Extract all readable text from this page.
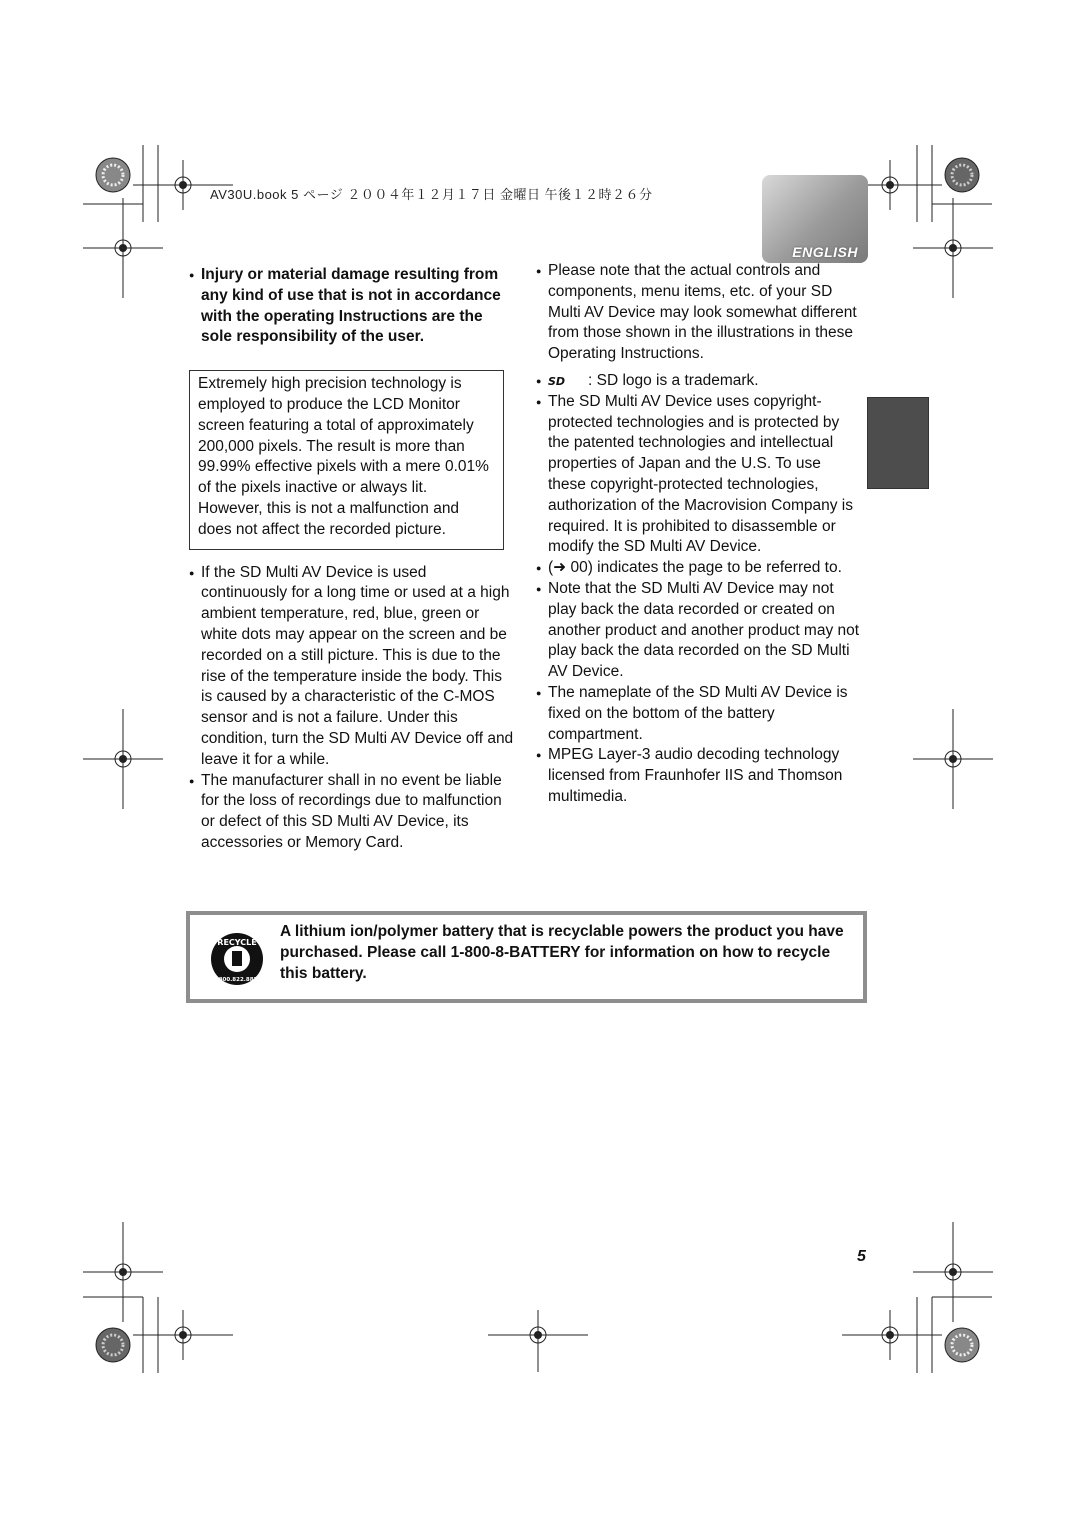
AV30U.book 5 ページ ２００４年１２月１７日 金曜日 午後１２時２６分
ENGLISH
● Injury or material damage resulting from any kind of use that is not in accordance with the operating Instructions are the sole responsibility of the user.
Extremely high precision technology is employed to produce the LCD Monitor screen featuring a total of approximately 200,000 pixels. The result is more than 99.99% effective pixels with a mere 0.01% of the pixels inactive or always lit. However, this is not a malfunction and does not affect the recorded picture.
● If the SD Multi AV Device is used continuously for a long time or used at a high ambient temperature, red, blue, green or white dots may appear on the screen and be recorded on a still picture. This is due to the rise of the temperature inside the body. This is caused by a characteristic of the C-MOS sensor and is not a failure. Under this condition, turn the SD Multi AV Device off and leave it for a while.
● The manufacturer shall in no event be liable for the loss of recordings due to malfunction or defect of this SD Multi AV Device, its accessories or Memory Card.
● Please note that the actual controls and components, menu items, etc. of your SD Multi AV Device may look somewhat different from those shown in the illustrations in these Operating Instructions.
● SD : SD logo is a trademark.
● The SD Multi AV Device uses copyright-protected technologies and is protected by the patented technologies and intellectual properties of Japan and the U.S. To use these copyright-protected technologies, authorization of the Macrovision Company is required. It is prohibited to disassemble or modify the SD Multi AV Device.
● (➜ 00) indicates the page to be referred to.
● Note that the SD Multi AV Device may not play back the data recorded or created on another product and another product may not play back the data recorded on the SD Multi AV Device.
● The nameplate of the SD Multi AV Device is fixed on the bottom of the battery compartment.
● MPEG Layer-3 audio decoding technology licensed from Fraunhofer IIS and Thomson multimedia.
RECYCLE
1.800.822.8837
A lithium ion/polymer battery that is recyclable powers the product you have purchased. Please call 1-800-8-BATTERY for information on how to recycle this battery.
5
